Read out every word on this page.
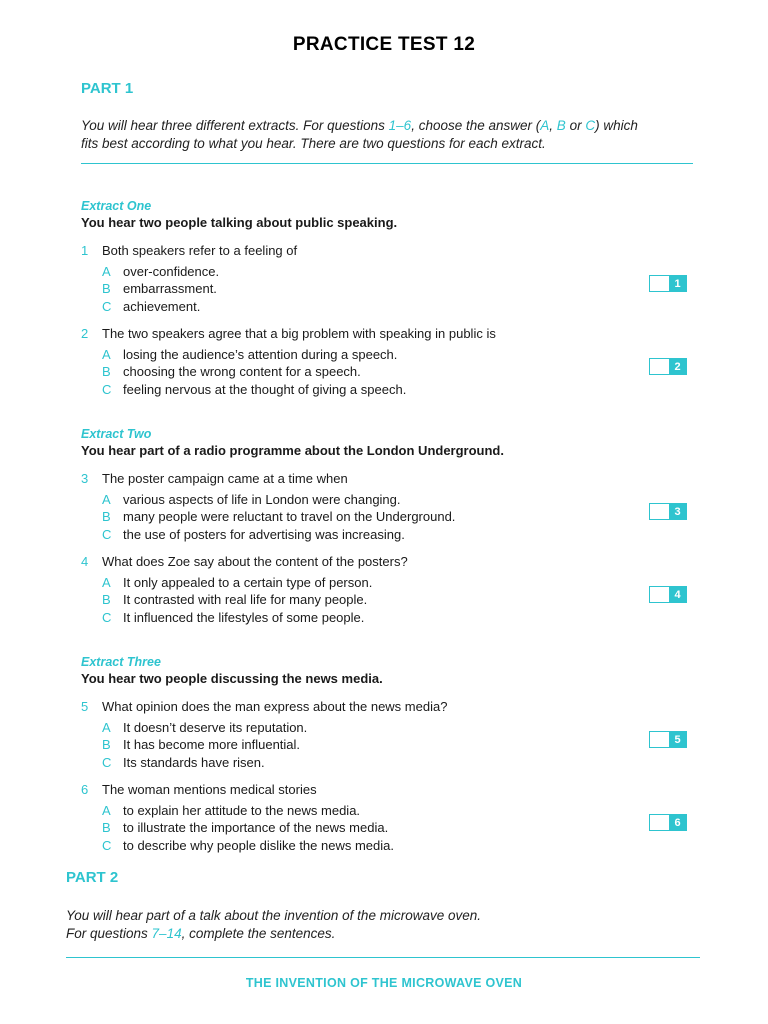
PRACTICE TEST 12
PART 1
You will hear three different extracts. For questions 1–6, choose the answer (A, B or C) which
fits best according to what you hear. There are two questions for each extract.
Extract One
You hear two people talking about public speaking.
1	Both speakers refer to a feeling of
A over-confidence.
B embarrassment.
C achievement.
1
2	The two speakers agree that a big problem with speaking in public is
A losing the audience’s attention during a speech.
B choosing the wrong content for a speech.
C feeling nervous at the thought of giving a speech.
2
Extract Two
You hear part of a radio programme about the London Underground.
3	The poster campaign came at a time when
A various aspects of life in London were changing.
B many people were reluctant to travel on the Underground.
C the use of posters for advertising was increasing.
3
4	What does Zoe say about the content of the posters?
A It only appealed to a certain type of person.
B It contrasted with real life for many people.
C It influenced the lifestyles of some people.
4
Extract Three
You hear two people discussing the news media.
5	What opinion does the man express about the news media?
A It doesn’t deserve its reputation.
B It has become more influential.
C Its standards have risen.
5
6	The woman mentions medical stories
A to explain her attitude to the news media.
B to illustrate the importance of the news media.
C to describe why people dislike the news media.
6
PART 2
You will hear part of a talk about the invention of the microwave oven.
For questions 7–14, complete the sentences.
THE INVENTION OF THE MICROWAVE OVEN
